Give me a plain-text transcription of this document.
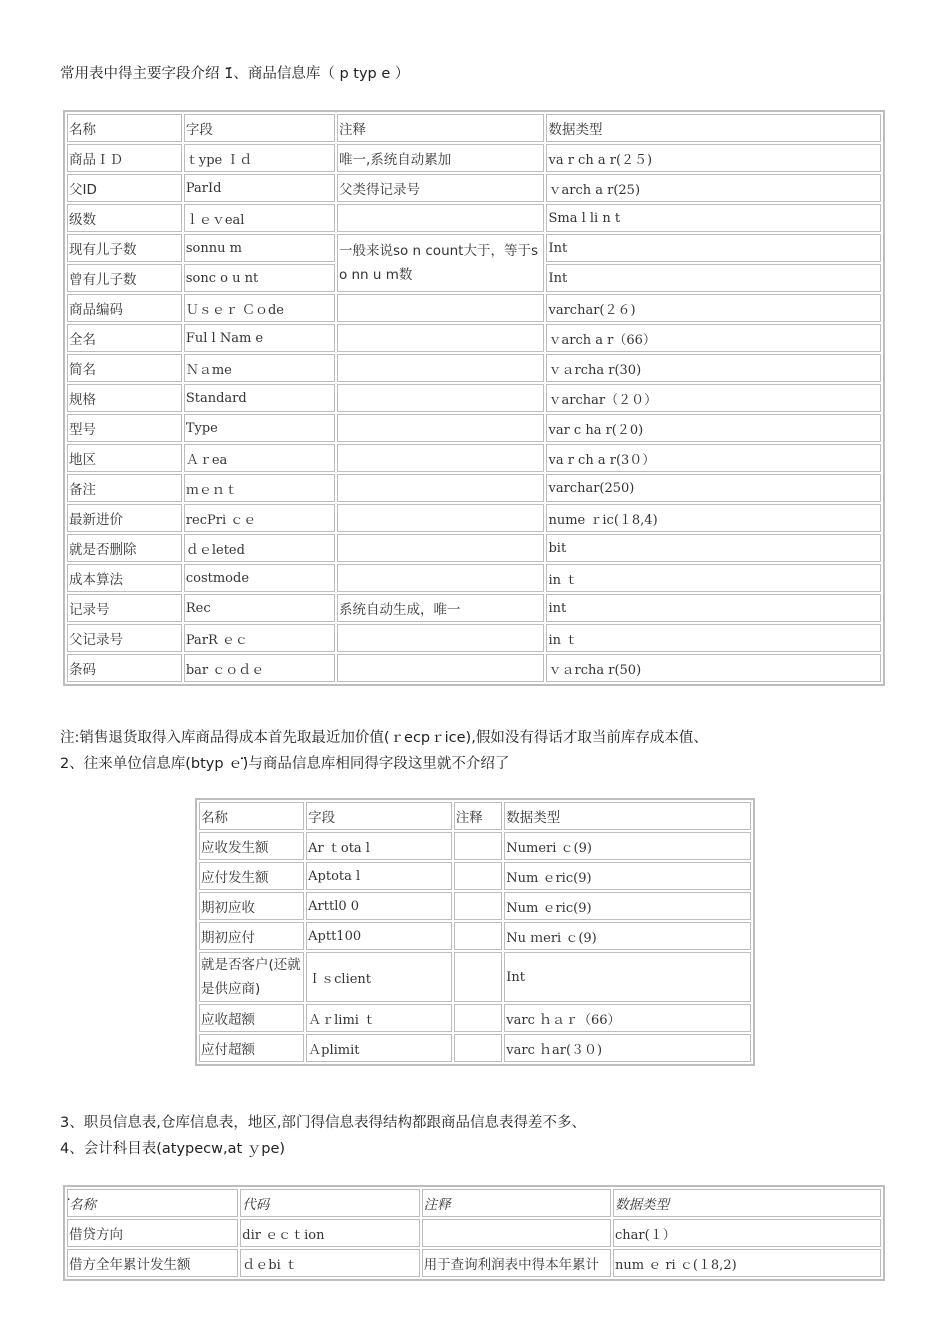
常用表中得主要字段介绍 1፟、商品信息库（ p typ e ）

፟名称	字段	注释	数据类型
商品ＩＤ	ｔype Ｉｄ	唯一,系统自动累加	va r ch a r(２５)
父ID	ParId	父类得记录号	ｖarch a r(25)
级数	ｌｅｖeal		Sma l li n t
现有儿子数	sonnu m	一般来说so n count大于，等于s o nn u m数	Int
曾有儿子数	sonc o u nt		Int
商品编码	Ｕｓｅｒ Ｃｏde		varchar(２６)
全名	Ful l Nam e		ｖarch a r（66）
简名	Ｎａme		ｖａrcha r(30)
规格	Standard		ｖarchar（２０）
型号	Type		var c ha r(２0)
地区	Ａｒea		va r ch a r(3０）
备注	ｍｅｎｔ		varchar(250)
最新进价	recPri ｃｅ		nume ｒic(１8,4)
就是否删除	ｄｅleted		bit
成本算法	costmode		in ｔ
记录号	Rec	系统自动生成，唯一	int
父记录号	ParR ｅｃ		in ｔ
条码	bar ｃｏｄｅ		ｖａrcha r(50)

注:销售退货取得入库商品得成本首先取最近加价值(ｒecpｒice),假如没有得话才取当前库存成本值、

2、往来单位信息库(btyp ｅ)፟与商品信息库相同得字段这里就不介绍了

፟名称	字段	注释	数据类型
应收发生额	Ar ｔota l		Numeri ｃ(9)
应付发生额	Aptota l		Num ｅric(9)
期初应收	Arttl0 0		Num ｅric(9)
期初应付	Aptt100		Nu ｍeri ｃ(9)
就是否客户(还就是供应商)	Ｉｓclient		Int
应收超额	Ａｒlimi ｔ		varc ｈａｒ（66）
应付超额	Ａplimit		varc ｈar(３０)

3、职员信息表,仓库信息表，地区,部门得信息表得结构都跟商品信息表得差不多、

4、会计科目表(atypecw,at ｙpe)

፟名称	代码	注释	数据类型
借贷方向	dir ｅｃｔion		char(１）
借方全年累计发生额	ｄｅbi ｔ	用于查询利润表中得本年累计	num ｅ ri ｃ(１8,2)
